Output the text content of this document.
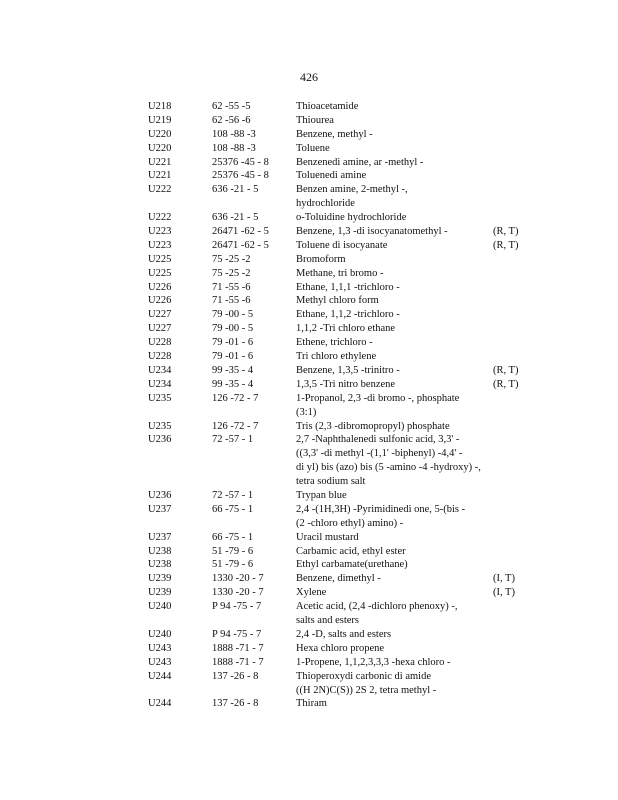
426
U218	62 -55 -5	Thioacetamide
U219	62 -56 -6	Thiourea
U220	108 -88 -3	Benzene, methyl -
U220	108 -88 -3	Toluene
U221	25376 -45 - 8	Benzenedi amine, ar -methyl -
U221	25376 -45 - 8	Toluenedi amine
U222	636 -21 - 5	Benzen amine, 2-methyl -,
hydrochloride
U222	636 -21 - 5	o-Toluidine hydrochloride
U223	26471 -62 - 5	Benzene, 1,3 -di isocyanatomethyl -	(R, T)
U223	26471 -62 - 5	Toluene di isocyanate	(R, T)
U225	75 -25 -2	Bromoform
U225	75 -25 -2	Methane, tri bromo -
U226	71 -55 -6	Ethane, 1,1,1 -trichloro -
U226	71 -55 -6	Methyl chloro form
U227	79 -00 - 5	Ethane, 1,1,2 -trichloro -
U227	79 -00 - 5	1,1,2 -Tri chloro ethane
U228	79 -01 - 6	Ethene, trichloro -
U228	79 -01 - 6	Tri chloro ethylene
U234	99 -35 - 4	Benzene, 1,3,5 -trinitro -	(R, T)
U234	99 -35 - 4	1,3,5 -Tri nitro benzene	(R, T)
U235	126 -72 - 7	1-Propanol, 2,3 -di bromo -, phosphate
(3:1)
U235	126 -72 - 7	Tris (2,3 -dibromopropyl) phosphate
U236	72 -57 - 1	2,7 -Naphthalenedi sulfonic acid, 3,3' -
((3,3' -di methyl -(1,1' -biphenyl) -4,4' -
di yl) bis (azo) bis (5 -amino -4 -hydroxy) -,
tetra sodium salt
U236	72 -57 - 1	Trypan blue
U237	66 -75 - 1	2,4 -(1H,3H) -Pyrimidinedi one, 5-(bis -
(2 -chloro ethyl) amino) -
U237	66 -75 - 1	Uracil mustard
U238	51 -79 - 6	Carbamic acid, ethyl ester
U238	51 -79 - 6	Ethyl carbamate(urethane)
U239	1330 -20 - 7	Benzene, dimethyl -	(I, T)
U239	1330 -20 - 7	Xylene	(I, T)
U240	P 94 -75 - 7	Acetic acid, (2,4 -dichloro phenoxy) -,
salts and esters
U240	P 94 -75 - 7	2,4 -D, salts and esters
U243	1888 -71 - 7	Hexa chloro propene
U243	1888 -71 - 7	1-Propene, 1,1,2,3,3,3 -hexa chloro -
U244	137 -26 - 8	Thioperoxydi carbonic di amide
((H 2N)C(S)) 2S 2, tetra methyl -
U244	137 -26 - 8	Thiram
